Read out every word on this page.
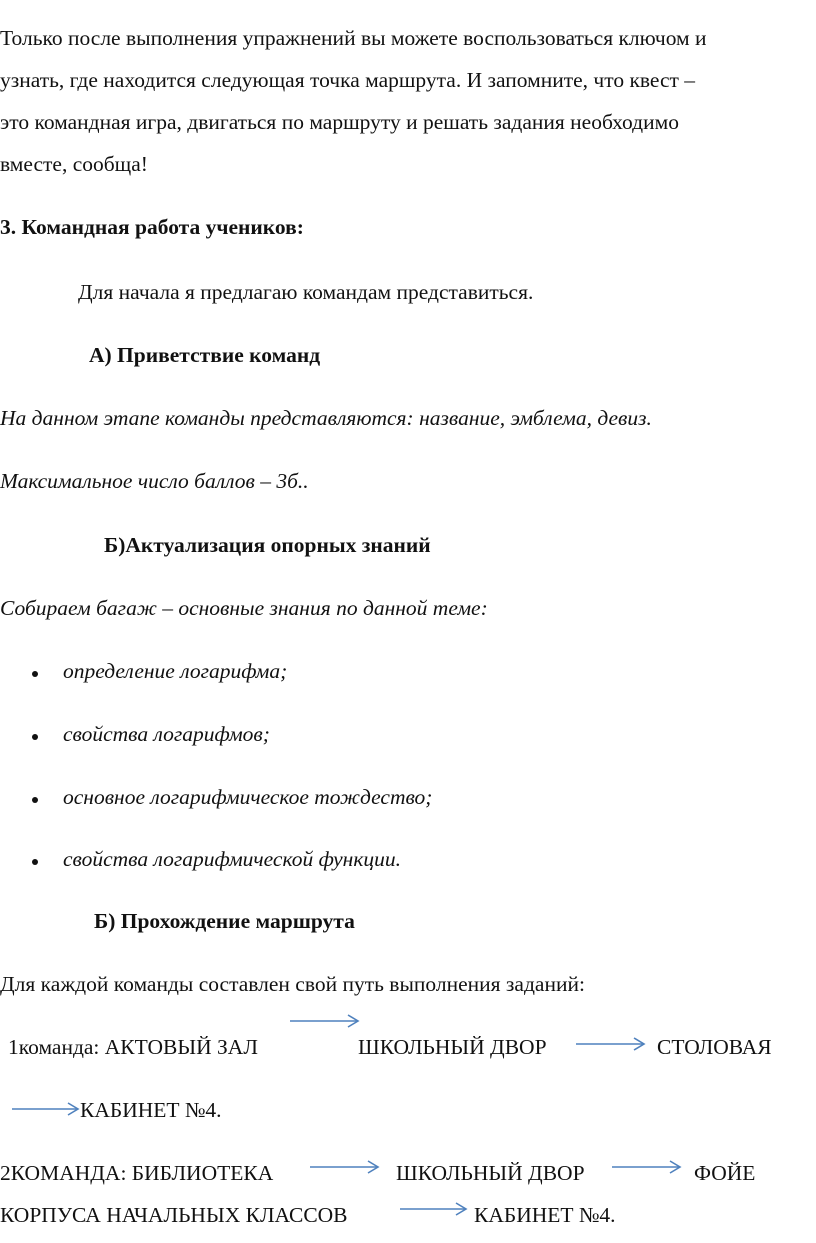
Только после выполнения упражнений вы можете воспользоваться ключом и
узнать, где находится следующая точка маршрута. И запомните, что квест –
это командная игра, двигаться по маршруту и решать задания необходимо
вместе, сообща!
3. Командная работа учеников:
Для начала я предлагаю командам представиться.
А) Приветствие команд
На данном этапе команды представляются: название, эмблема, девиз.
Максимальное число баллов – 3б..
Б)Актуализация опорных знаний
Собираем багаж – основные знания по данной теме:
определение логарифма;
свойства логарифмов;
основное логарифмическое тождество;
свойства логарифмической функции.
Б) Прохождение маршрута
Для каждой команды составлен свой путь выполнения заданий:
1команда: АКТОВЫЙ ЗАЛ	ШКОЛЬНЫЙ ДВОР	СТОЛОВАЯ
КАБИНЕТ №4.
2КОМАНДА: БИБЛИОТЕКА	ШКОЛЬНЫЙ ДВОР	ФОЙЕ
КОРПУСА НАЧАЛЬНЫХ КЛАССОВ	КАБИНЕТ №4.
